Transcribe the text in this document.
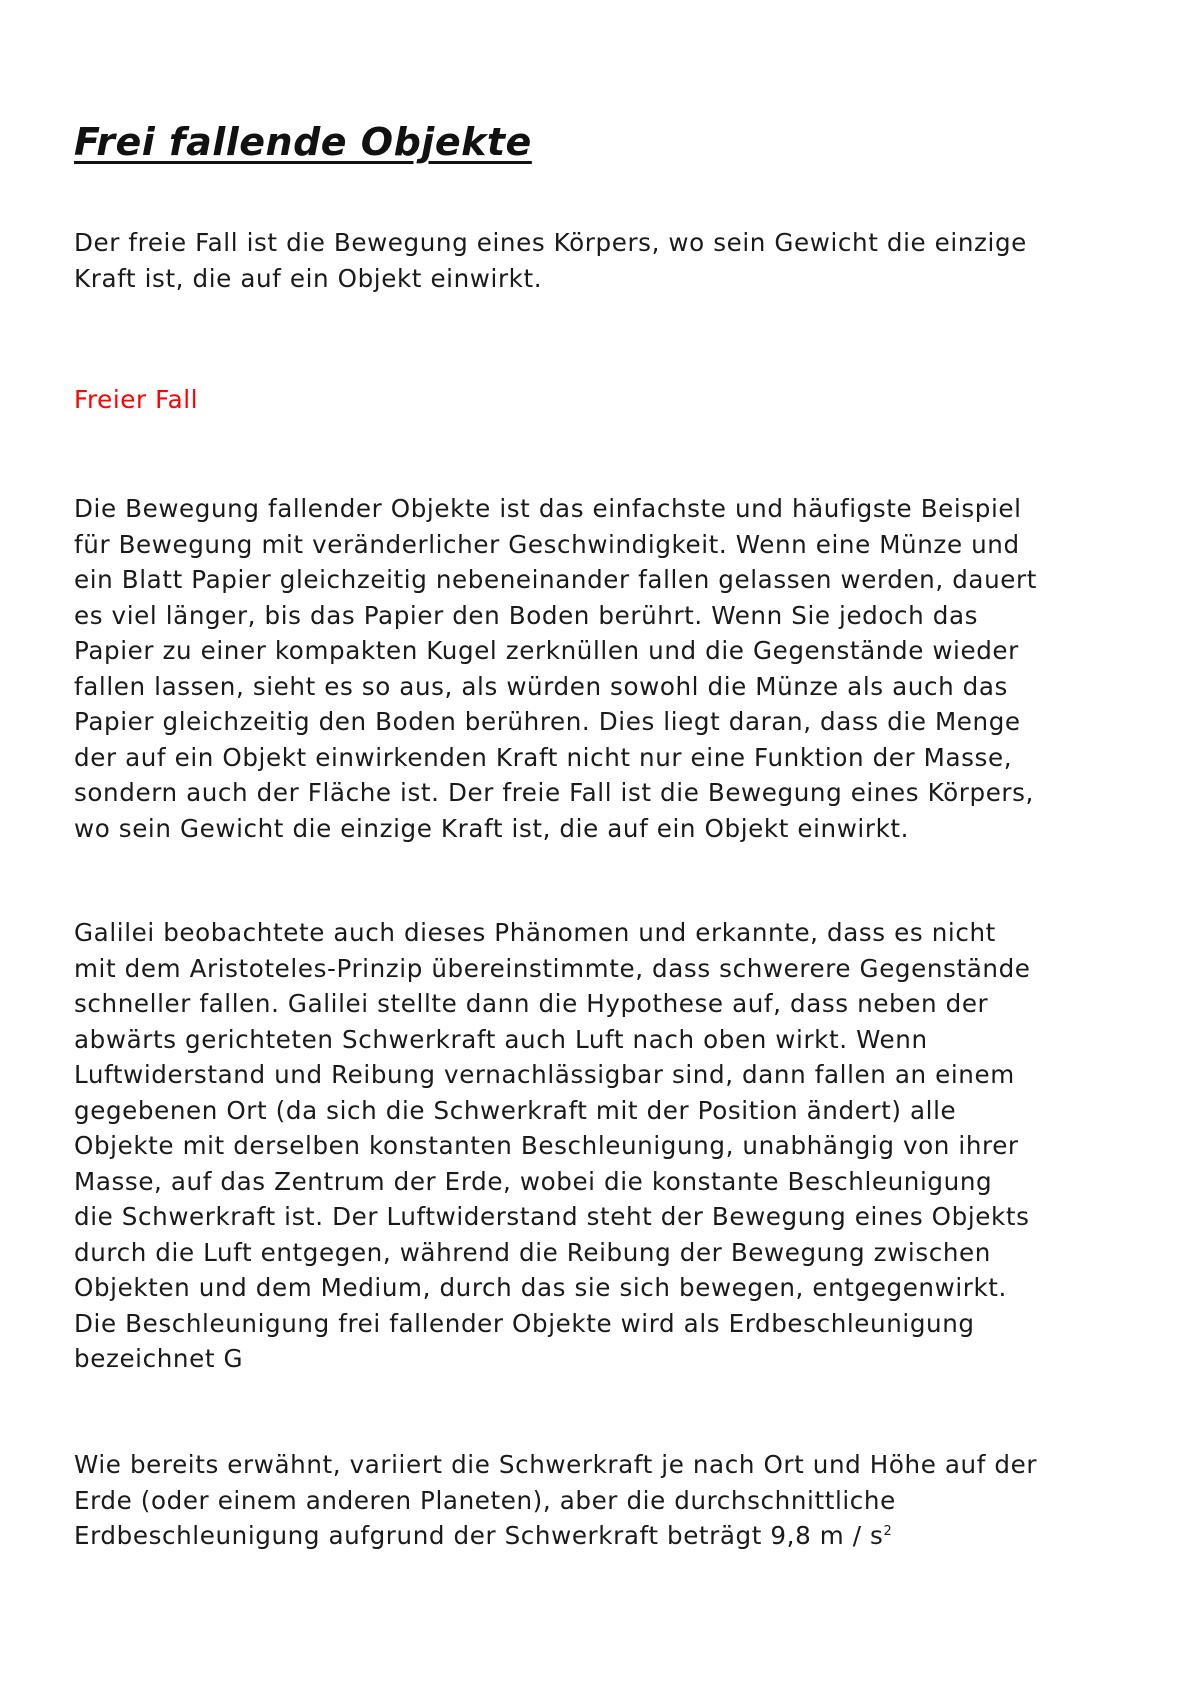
Frei fallende Objekte

Der freie Fall ist die Bewegung eines Körpers, wo sein Gewicht die einzige
Kraft ist, die auf ein Objekt einwirkt.

Freier Fall

Die Bewegung fallender Objekte ist das einfachste und häufigste Beispiel
für Bewegung mit veränderlicher Geschwindigkeit. Wenn eine Münze und
ein Blatt Papier gleichzeitig nebeneinander fallen gelassen werden, dauert
es viel länger, bis das Papier den Boden berührt. Wenn Sie jedoch das
Papier zu einer kompakten Kugel zerknüllen und die Gegenstände wieder
fallen lassen, sieht es so aus, als würden sowohl die Münze als auch das
Papier gleichzeitig den Boden berühren. Dies liegt daran, dass die Menge
der auf ein Objekt einwirkenden Kraft nicht nur eine Funktion der Masse,
sondern auch der Fläche ist. Der freie Fall ist die Bewegung eines Körpers,
wo sein Gewicht die einzige Kraft ist, die auf ein Objekt einwirkt.

Galilei beobachtete auch dieses Phänomen und erkannte, dass es nicht
mit dem Aristoteles-Prinzip übereinstimmte, dass schwerere Gegenstände
schneller fallen. Galilei stellte dann die Hypothese auf, dass neben der
abwärts gerichteten Schwerkraft auch Luft nach oben wirkt. Wenn
Luftwiderstand und Reibung vernachlässigbar sind, dann fallen an einem
gegebenen Ort (da sich die Schwerkraft mit der Position ändert) alle
Objekte mit derselben konstanten Beschleunigung, unabhängig von ihrer
Masse, auf das Zentrum der Erde, wobei die konstante Beschleunigung
die Schwerkraft ist. Der Luftwiderstand steht der Bewegung eines Objekts
durch die Luft entgegen, während die Reibung der Bewegung zwischen
Objekten und dem Medium, durch das sie sich bewegen, entgegenwirkt.
Die Beschleunigung frei fallender Objekte wird als Erdbeschleunigung
bezeichnet G

Wie bereits erwähnt, variiert die Schwerkraft je nach Ort und Höhe auf der
Erde (oder einem anderen Planeten), aber die durchschnittliche
Erdbeschleunigung aufgrund der Schwerkraft beträgt 9,8 m / $s^2$
